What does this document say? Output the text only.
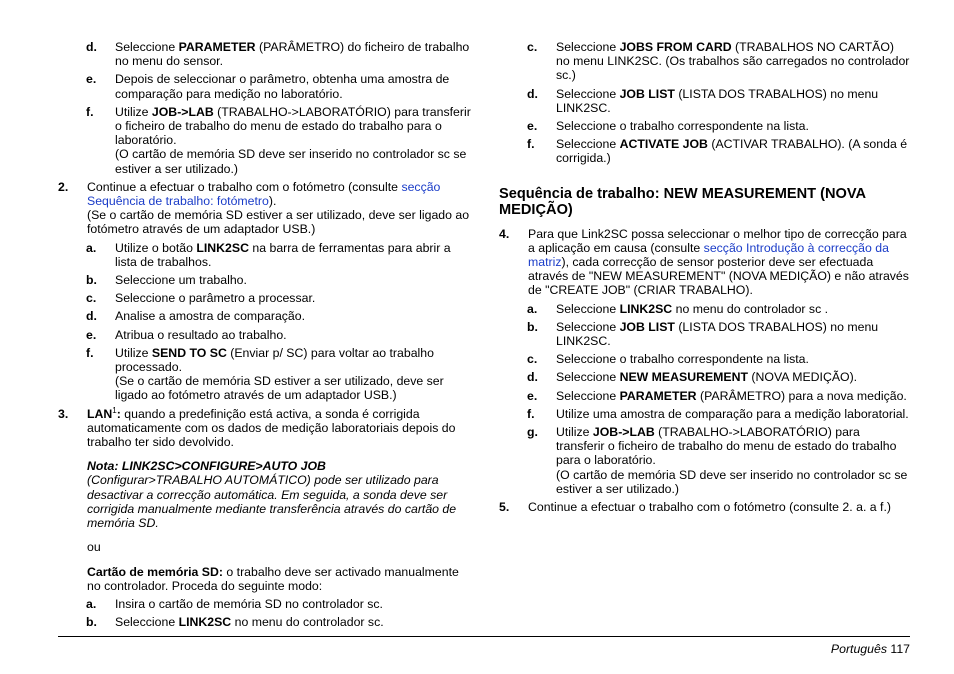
d. Seleccione PARAMETER (PARÂMETRO) do ficheiro de trabalho no menu do sensor.
e. Depois de seleccionar o parâmetro, obtenha uma amostra de comparação para medição no laboratório.
f. Utilize JOB->LAB (TRABALHO->LABORATÓRIO) para transferir o ficheiro de trabalho do menu de estado do trabalho para o laboratório.
(O cartão de memória SD deve ser inserido no controlador sc se estiver a ser utilizado.)
2. Continue a efectuar o trabalho com o fotómetro (consulte secção Sequência de trabalho: fotómetro).
(Se o cartão de memória SD estiver a ser utilizado, deve ser ligado ao fotómetro através de um adaptador USB.)
a. Utilize o botão LINK2SC na barra de ferramentas para abrir a lista de trabalhos.
b. Seleccione um trabalho.
c. Seleccione o parâmetro a processar.
d. Analise a amostra de comparação.
e. Atribua o resultado ao trabalho.
f. Utilize SEND TO SC (Enviar p/ SC) para voltar ao trabalho processado.
(Se o cartão de memória SD estiver a ser utilizado, deve ser ligado ao fotómetro através de um adaptador USB.)
3. LAN$^1$: quando a predefinição está activa, a sonda é corrigida automaticamente com os dados de medição laboratoriais depois do trabalho ter sido devolvido.
Nota: LINK2SC>CONFIGURE>AUTO JOB
(Configurar>TRABALHO AUTOMÁTICO) pode ser utilizado para desactivar a correcção automática. Em seguida, a sonda deve ser corrigida manualmente mediante transferência através do cartão de memória SD.
ou
Cartão de memória SD: o trabalho deve ser activado manualmente no controlador. Proceda do seguinte modo:
a. Insira o cartão de memória SD no controlador sc.
b. Seleccione LINK2SC no menu do controlador sc.
c. Seleccione JOBS FROM CARD (TRABALHOS NO CARTÃO) no menu LINK2SC. (Os trabalhos são carregados no controlador sc.)
d. Seleccione JOB LIST (LISTA DOS TRABALHOS) no menu LINK2SC.
e. Seleccione o trabalho correspondente na lista.
f. Seleccione ACTIVATE JOB (ACTIVAR TRABALHO). (A sonda é corrigida.)
Sequência de trabalho: NEW MEASUREMENT (NOVA MEDIÇÃO)
4. Para que Link2SC possa seleccionar o melhor tipo de correcção para a aplicação em causa (consulte secção Introdução à correcção da matriz), cada correcção de sensor posterior deve ser efectuada através de "NEW MEASUREMENT" (NOVA MEDIÇÃO) e não através de "CREATE JOB" (CRIAR TRABALHO).
a. Seleccione LINK2SC no menu do controlador sc .
b. Seleccione JOB LIST (LISTA DOS TRABALHOS) no menu LINK2SC.
c. Seleccione o trabalho correspondente na lista.
d. Seleccione NEW MEASUREMENT (NOVA MEDIÇÃO).
e. Seleccione PARAMETER (PARÂMETRO) para a nova medição.
f. Utilize uma amostra de comparação para a medição laboratorial.
g. Utilize JOB->LAB (TRABALHO->LABORATÓRIO) para transferir o ficheiro de trabalho do menu de estado do trabalho para o laboratório.
(O cartão de memória SD deve ser inserido no controlador sc se estiver a ser utilizado.)
5. Continue a efectuar o trabalho com o fotómetro (consulte 2. a. a f.)
Português 117
